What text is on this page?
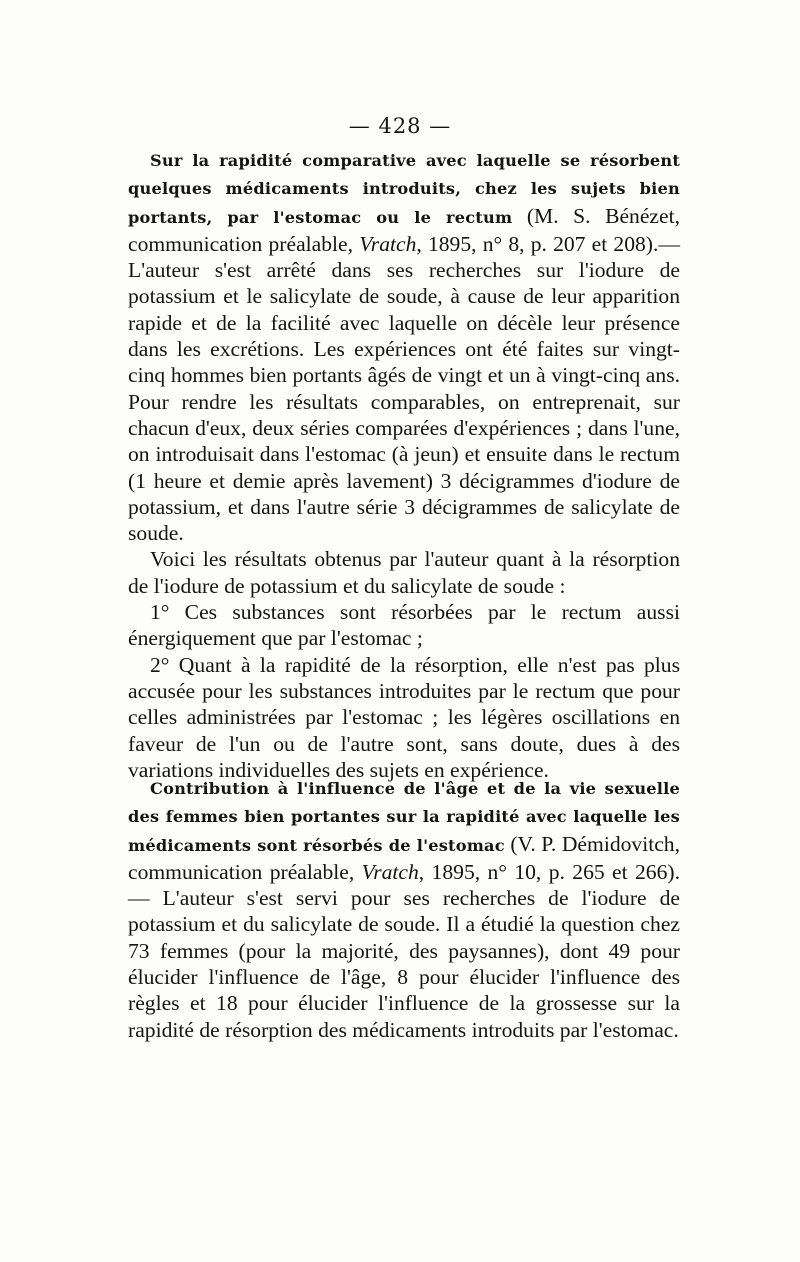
— 428 —

Sur la rapidité comparative avec laquelle se résorbent quelques médicaments introduits, chez les sujets bien portants, par l'estomac ou le rectum (M. S. Bénézet, communication préalable, Vratch, 1895, n° 8, p. 207 et 208).— L'auteur s'est arrêté dans ses recherches sur l'iodure de potassium et le salicylate de soude, à cause de leur apparition rapide et de la facilité avec laquelle on décèle leur présence dans les excrétions. Les expériences ont été faites sur vingt-cinq hommes bien portants âgés de vingt et un à vingt-cinq ans. Pour rendre les résultats comparables, on entreprenait, sur chacun d'eux, deux séries comparées d'expériences ; dans l'une, on introduisait dans l'estomac (à jeun) et ensuite dans le rectum (1 heure et demie après lavement) 3 décigrammes d'iodure de potassium, et dans l'autre série 3 décigrammes de salicylate de soude.

Voici les résultats obtenus par l'auteur quant à la résorption de l'iodure de potassium et du salicylate de soude :

1° Ces substances sont résorbées par le rectum aussi énergiquement que par l'estomac ;

2° Quant à la rapidité de la résorption, elle n'est pas plus accusée pour les substances introduites par le rectum que pour celles administrées par l'estomac ; les légères oscillations en faveur de l'un ou de l'autre sont, sans doute, dues à des variations individuelles des sujets en expérience.

Contribution à l'influence de l'âge et de la vie sexuelle des femmes bien portantes sur la rapidité avec laquelle les médicaments sont résorbés de l'estomac (V. P. Démidovitch, communication préalable, Vratch, 1895, n° 10, p. 265 et 266). — L'auteur s'est servi pour ses recherches de l'iodure de potassium et du salicylate de soude. Il a étudié la question chez 73 femmes (pour la majorité, des paysannes), dont 49 pour élucider l'influence de l'âge, 8 pour élucider l'influence des règles et 18 pour élucider l'influence de la grossesse sur la rapidité de résorption des médicaments introduits par l'estomac.
